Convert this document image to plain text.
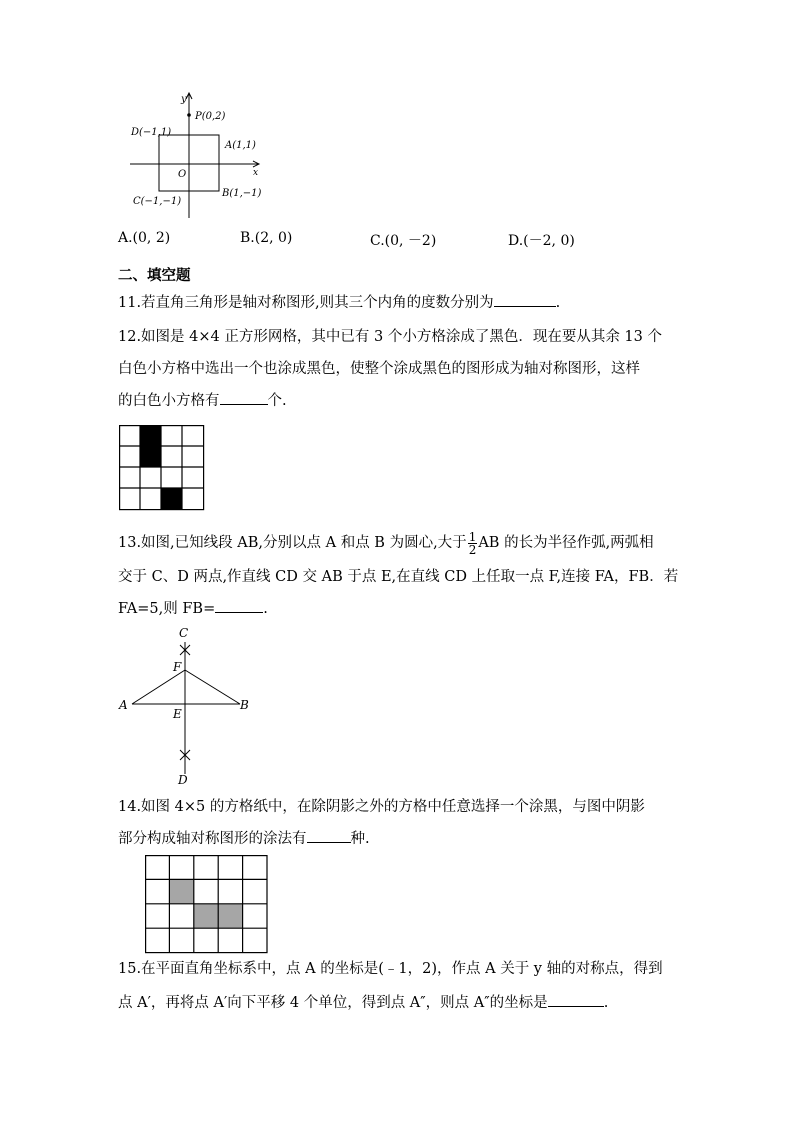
y
x
P(0,2)
D(−1,1)
A(1,1)
O
C(−1,−1)
B(1,−1)
A.(0, 2)	B.(2, 0)	C.(0, －2)	D.(－2, 0)
二、填空题
11.若直角三角形是轴对称图形,则其三个内角的度数分别为	.
12.如图是 4×4 正方形网格，其中已有 3 个小方格涂成了黑色．现在要从其余 13 个
白色小方格中选出一个也涂成黑色，使整个涂成黑色的图形成为轴对称图形，这样
的白色小方格有	个.
13.如图,已知线段 AB,分别以点 A 和点 B 为圆心,大于 $\frac{1}{2}$ AB 的长为半径作弧,两弧相
交于 C、D 两点,作直线 CD 交 AB 于点 E,在直线 CD 上任取一点 F,连接 FA，FB．若
FA=5,则 FB=	.
C
F
A
E
B
D
14.如图 4×5 的方格纸中，在除阴影之外的方格中任意选择一个涂黑，与图中阴影
部分构成轴对称图形的涂法有	种.
15.在平面直角坐标系中，点 A 的坐标是(﹣1，2)，作点 A 关于 y 轴的对称点，得到
点 A′，再将点 A′向下平移 4 个单位，得到点 A″，则点 A″的坐标是	.
